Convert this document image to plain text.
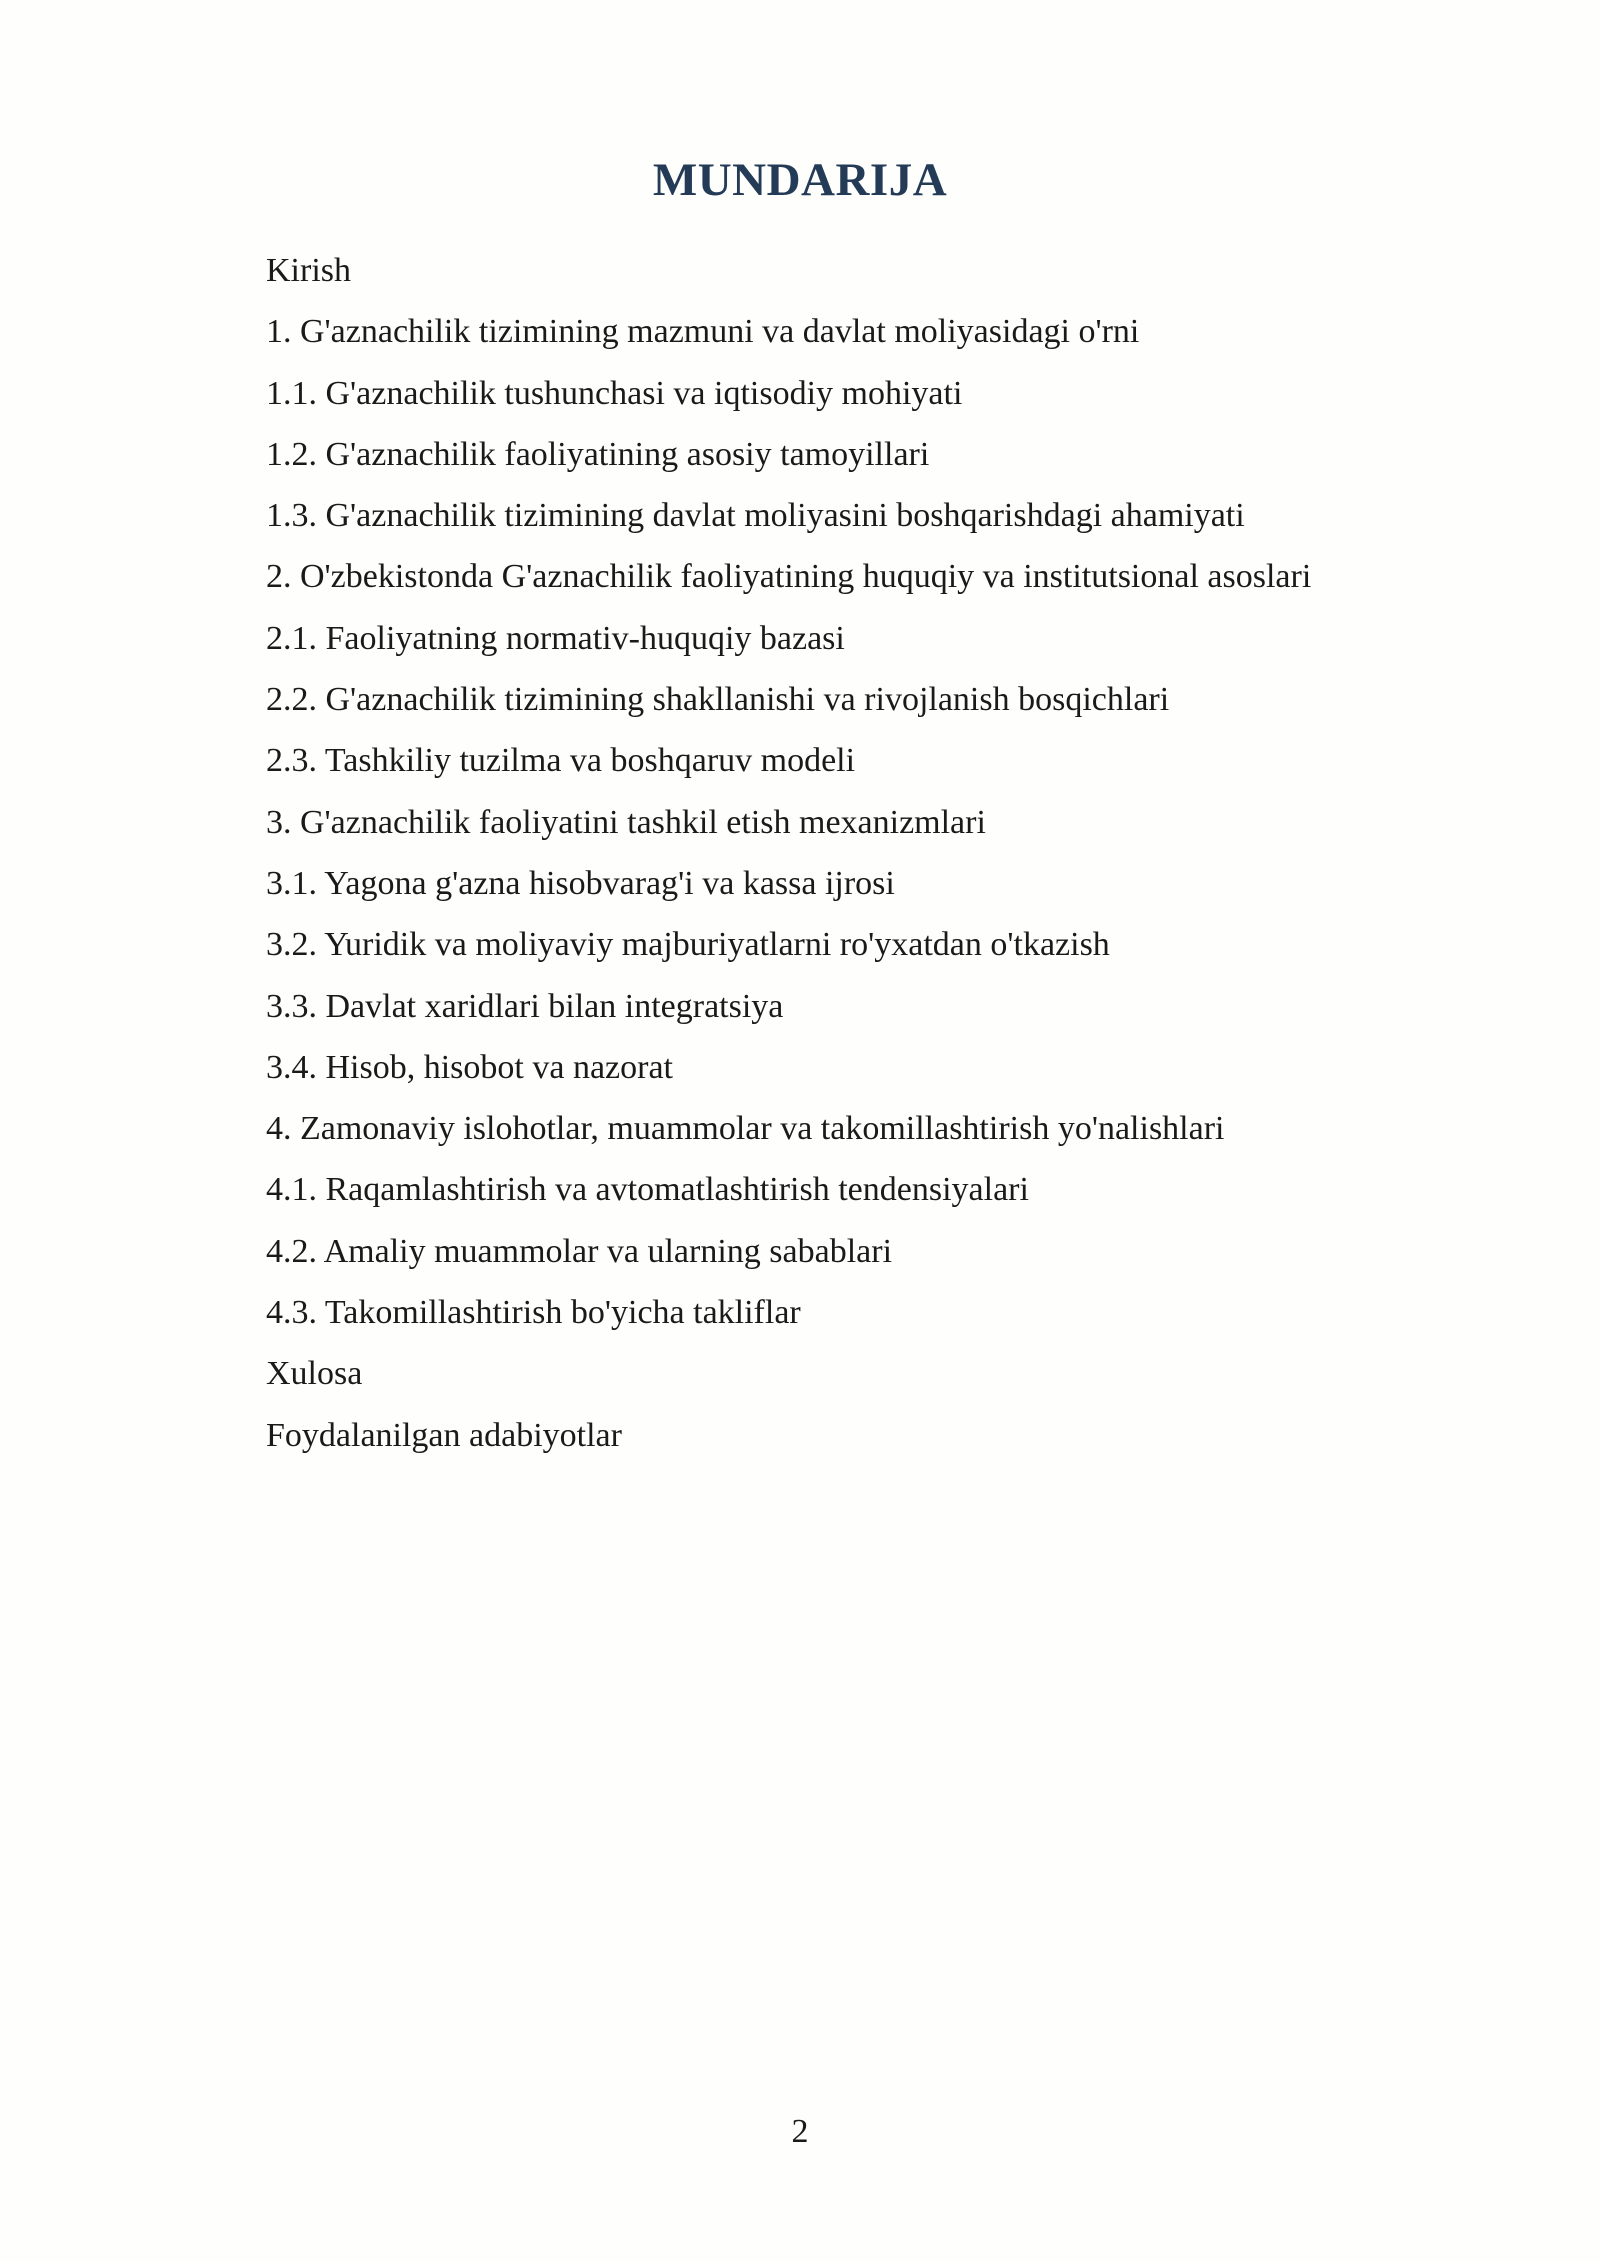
MUNDARIJA
Kirish
1. G'aznachilik tizimining mazmuni va davlat moliyasidagi o'rni
1.1. G'aznachilik tushunchasi va iqtisodiy mohiyati
1.2. G'aznachilik faoliyatining asosiy tamoyillari
1.3. G'aznachilik tizimining davlat moliyasini boshqarishdagi ahamiyati
2. O'zbekistonda G'aznachilik faoliyatining huquqiy va institutsional asoslari
2.1. Faoliyatning normativ-huquqiy bazasi
2.2. G'aznachilik tizimining shakllanishi va rivojlanish bosqichlari
2.3. Tashkiliy tuzilma va boshqaruv modeli
3. G'aznachilik faoliyatini tashkil etish mexanizmlari
3.1. Yagona g'azna hisobvarag'i va kassa ijrosi
3.2. Yuridik va moliyaviy majburiyatlarni ro'yxatdan o'tkazish
3.3. Davlat xaridlari bilan integratsiya
3.4. Hisob, hisobot va nazorat
4. Zamonaviy islohotlar, muammolar va takomillashtirish yo'nalishlari
4.1. Raqamlashtirish va avtomatlashtirish tendensiyalari
4.2. Amaliy muammolar va ularning sabablari
4.3. Takomillashtirish bo'yicha takliflar
Xulosa
Foydalanilgan adabiyotlar
2
